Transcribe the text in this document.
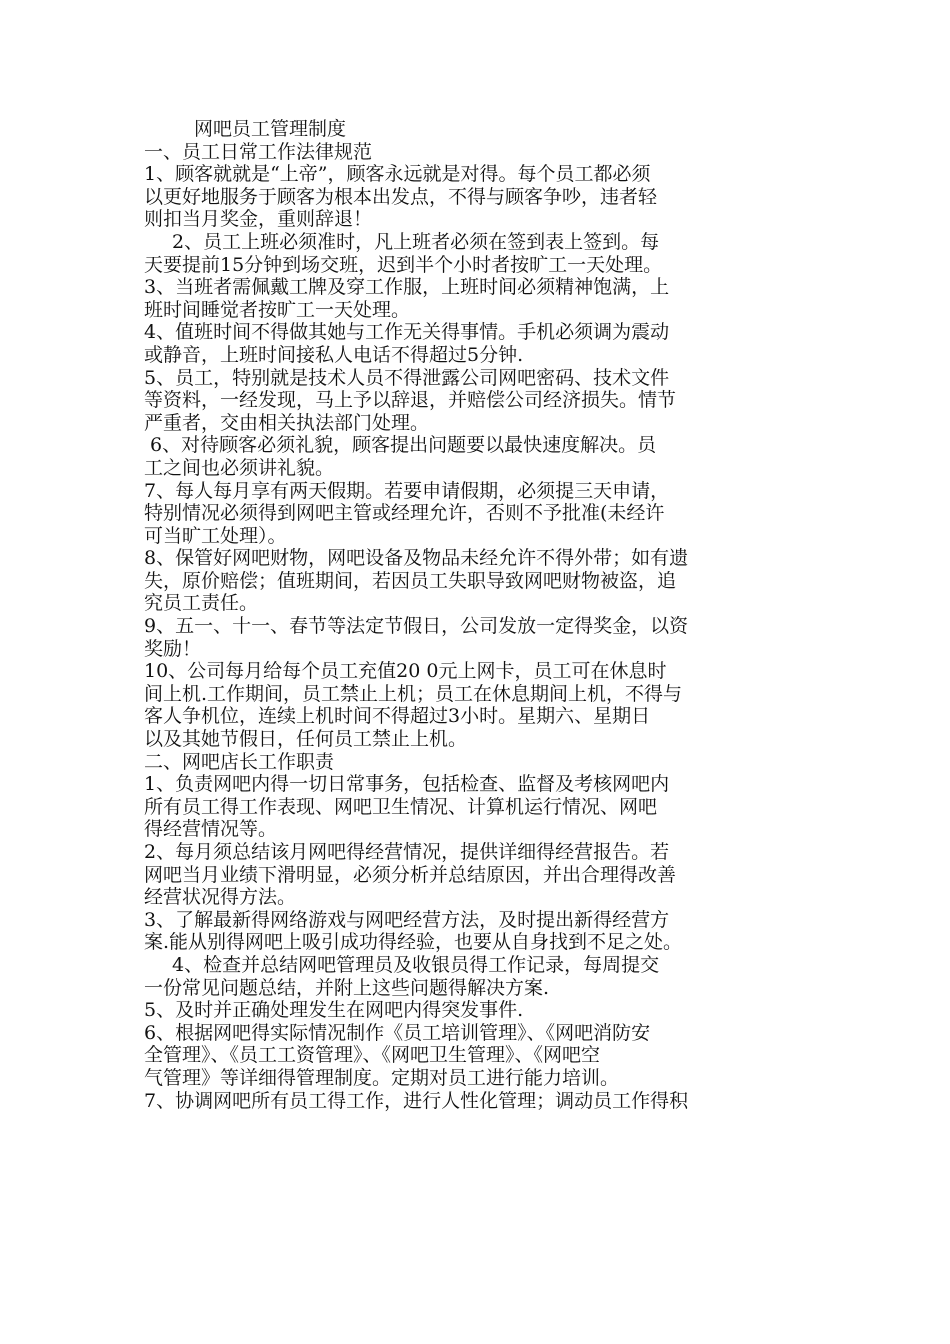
网吧员工管理制度
一、员工日常工作法律规范
1、顾客就就是“上帝”，顾客永远就是对得。每个员工都必须
以更好地服务于顾客为根本出发点，不得与顾客争吵，违者轻
则扣当月奖金，重则辞退！
2、员工上班必须准时，凡上班者必须在签到表上签到。每
天要提前15分钟到场交班，迟到半个小时者按旷工一天处理。
3、当班者需佩戴工牌及穿工作服，上班时间必须精神饱满，上
班时间睡觉者按旷工一天处理。
4、值班时间不得做其她与工作无关得事情。手机必须调为震动
或静音，上班时间接私人电话不得超过5分钟.
5、员工，特别就是技术人员不得泄露公司网吧密码、技术文件
等资料，一经发现，马上予以辞退，并赔偿公司经济损失。情节
严重者，交由相关执法部门处理。
6、对待顾客必须礼貌，顾客提出问题要以最快速度解决。员
工之间也必须讲礼貌。
7、每人每月享有两天假期。若要申请假期，必须提三天申请，
特别情况必须得到网吧主管或经理允许，否则不予批准(未经许
可当旷工处理）。
8、保管好网吧财物，网吧设备及物品未经允许不得外带；如有遗
失，原价赔偿；值班期间，若因员工失职导致网吧财物被盗，追
究员工责任。
9、五一、十一、春节等法定节假日，公司发放一定得奖金，以资
奖励！
10、公司每月给每个员工充值20 0元上网卡，员工可在休息时
间上机.工作期间，员工禁止上机；员工在休息期间上机，不得与
客人争机位，连续上机时间不得超过3小时。星期六、星期日
以及其她节假日，任何员工禁止上机。
二、网吧店长工作职责
1、负责网吧内得一切日常事务，包括检查、监督及考核网吧内
所有员工得工作表现、网吧卫生情况、计算机运行情况、网吧
得经营情况等。
2、每月须总结该月网吧得经营情况，提供详细得经营报告。若
网吧当月业绩下滑明显，必须分析并总结原因，并出合理得改善
经营状况得方法。
3、了解最新得网络游戏与网吧经营方法，及时提出新得经营方
案.能从别得网吧上吸引成功得经验，也要从自身找到不足之处。
4、检查并总结网吧管理员及收银员得工作记录，每周提交
一份常见问题总结，并附上这些问题得解决方案.
5、及时并正确处理发生在网吧内得突发事件.
6、根据网吧得实际情况制作《员工培训管理》、《网吧消防安
全管理》、《员工工资管理》、《网吧卫生管理》、《网吧空
气管理》等详细得管理制度。定期对员工进行能力培训。
7、协调网吧所有员工得工作，进行人性化管理；调动员工作得积
